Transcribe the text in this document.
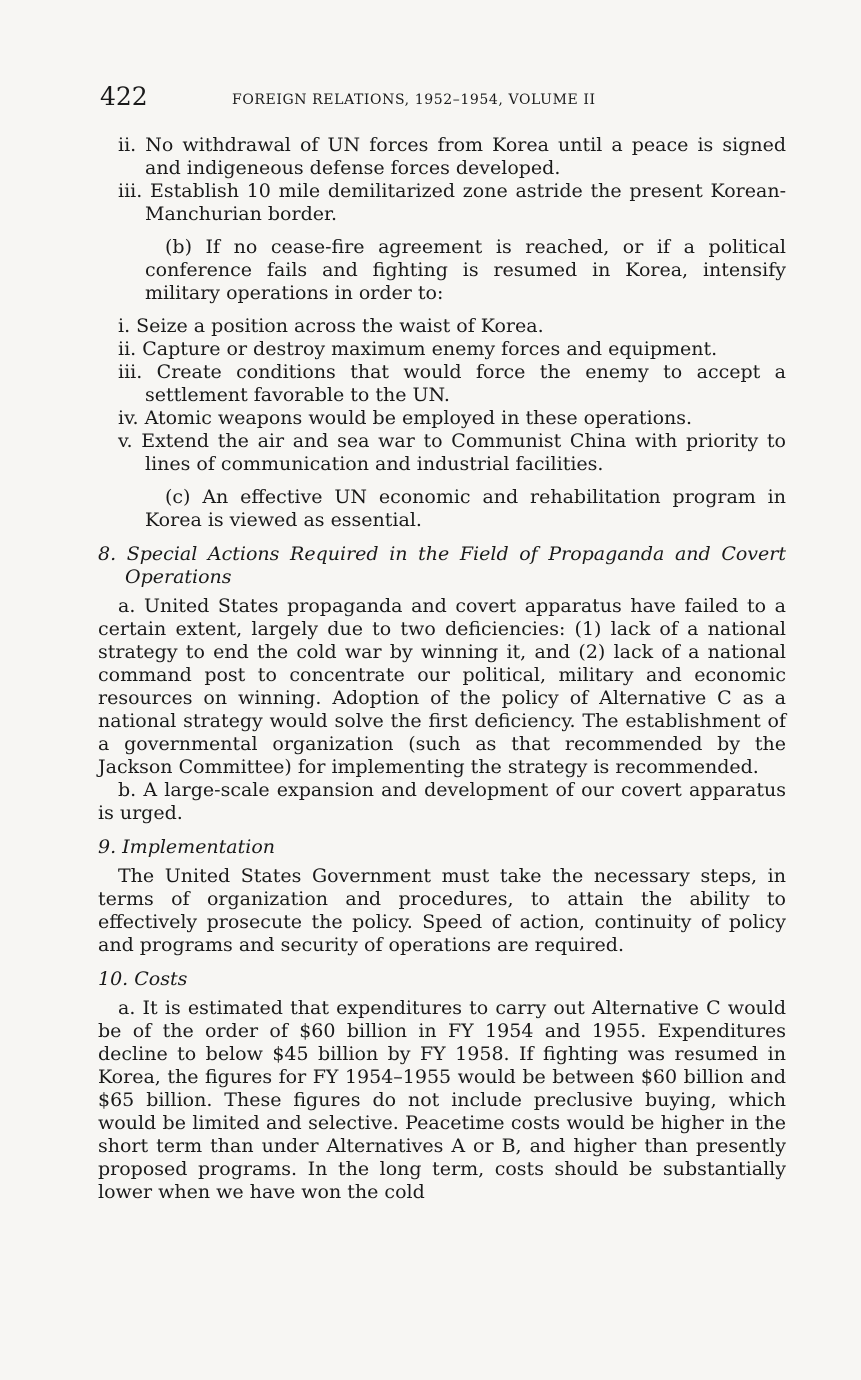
422	FOREIGN RELATIONS, 1952–1954, VOLUME II

ii. No withdrawal of UN forces from Korea until a peace is signed and indigeneous defense forces developed.

iii. Establish 10 mile demilitarized zone astride the present Korean-Manchurian border.

(b) If no cease-fire agreement is reached, or if a political conference fails and fighting is resumed in Korea, intensify military operations in order to:

i. Seize a position across the waist of Korea.

ii. Capture or destroy maximum enemy forces and equipment.

iii. Create conditions that would force the enemy to accept a settlement favorable to the UN.

iv. Atomic weapons would be employed in these operations.

v. Extend the air and sea war to Communist China with priority to lines of communication and industrial facilities.

(c) An effective UN economic and rehabilitation program in Korea is viewed as essential.

8. Special Actions Required in the Field of Propaganda and Covert Operations

a. United States propaganda and covert apparatus have failed to a certain extent, largely due to two deficiencies: (1) lack of a national strategy to end the cold war by winning it, and (2) lack of a national command post to concentrate our political, military and economic resources on winning. Adoption of the policy of Alternative C as a national strategy would solve the first deficiency. The establishment of a governmental organization (such as that recommended by the Jackson Committee) for implementing the strategy is recommended.

b. A large-scale expansion and development of our covert apparatus is urged.

9. Implementation

The United States Government must take the necessary steps, in terms of organization and procedures, to attain the ability to effectively prosecute the policy. Speed of action, continuity of policy and programs and security of operations are required.

10. Costs

a. It is estimated that expenditures to carry out Alternative C would be of the order of $60 billion in FY 1954 and 1955. Expenditures decline to below $45 billion by FY 1958. If fighting was resumed in Korea, the figures for FY 1954–1955 would be between $60 billion and $65 billion. These figures do not include preclusive buying, which would be limited and selective. Peacetime costs would be higher in the short term than under Alternatives A or B, and higher than presently proposed programs. In the long term, costs should be substantially lower when we have won the cold
